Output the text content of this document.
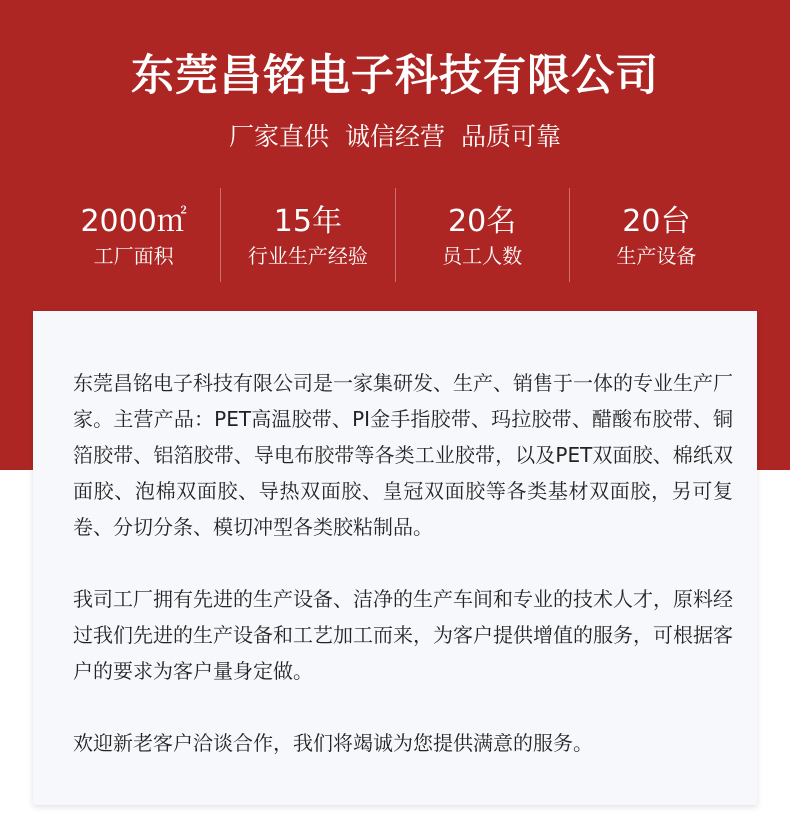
东莞昌铭电子科技有限公司
厂家直供 诚信经营 品质可靠
2000㎡
工厂面积
15年
行业生产经验
20名
员工人数
20台
生产设备

东莞昌铭电子科技有限公司是一家集研发、生产、销售于一体的专业生产厂家。主营产品：PET高温胶带、PI金手指胶带、玛拉胶带、醋酸布胶带、铜箔胶带、铝箔胶带、导电布胶带等各类工业胶带，以及PET双面胶、棉纸双面胶、泡棉双面胶、导热双面胶、皇冠双面胶等各类基材双面胶，另可复卷、分切分条、模切冲型各类胶粘制品。

我司工厂拥有先进的生产设备、洁净的生产车间和专业的技术人才，原料经过我们先进的生产设备和工艺加工而来，为客户提供增值的服务，可根据客户的要求为客户量身定做。

欢迎新老客户洽谈合作，我们将竭诚为您提供满意的服务。
